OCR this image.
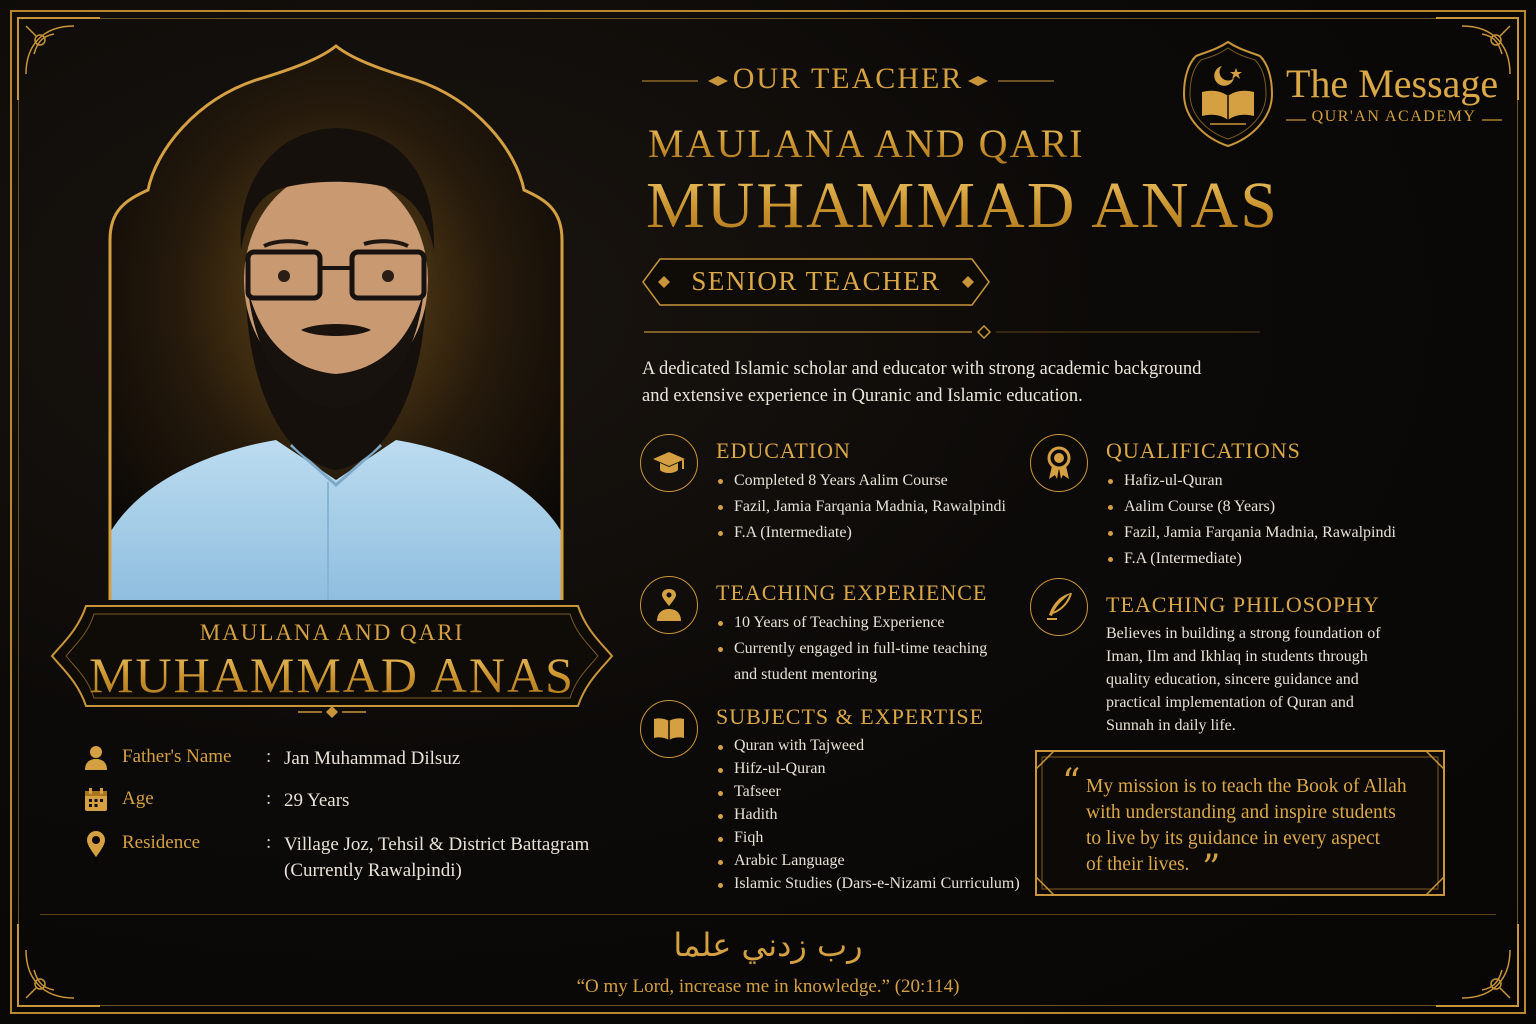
MAULANA AND QARI
MUHAMMAD ANAS
Father's Name : Jan Muhammad Dilsuz
Age	: 29 Years
Residence	: Village Joz, Tehsil & District Battagram
(Currently Rawalpindi)
OUR TEACHER
MAULANA AND QARI
MUHAMMAD ANAS
SENIOR TEACHER
A dedicated Islamic scholar and educator with strong academic background
and extensive experience in Quranic and Islamic education.
EDUCATION
Completed 8 Years Aalim Course
Fazil, Jamia Farqania Madnia, Rawalpindi
F.A (Intermediate)
QUALIFICATIONS
Hafiz-ul-Quran
Aalim Course (8 Years)
Fazil, Jamia Farqania Madnia, Rawalpindi
F.A (Intermediate)
TEACHING EXPERIENCE
10 Years of Teaching Experience
Currently engaged in full-time teaching
and student mentoring
TEACHING PHILOSOPHY
Believes in building a strong foundation of
Iman, Ilm and Ikhlaq in students through
quality education, sincere guidance and
practical implementation of Quran and
Sunnah in daily life.
SUBJECTS & EXPERTISE
Quran with Tajweed
Hifz-ul-Quran
Tafseer
Hadith
Fiqh
Arabic Language
Islamic Studies (Dars-e-Nizami Curriculum)
“ My mission is to teach the Book of Allah
with understanding and inspire students
to live by its guidance in every aspect
of their lives. ”
The Message
QUR'AN ACADEMY
رب زدني علما
“O my Lord, increase me in knowledge.” (20:114)
